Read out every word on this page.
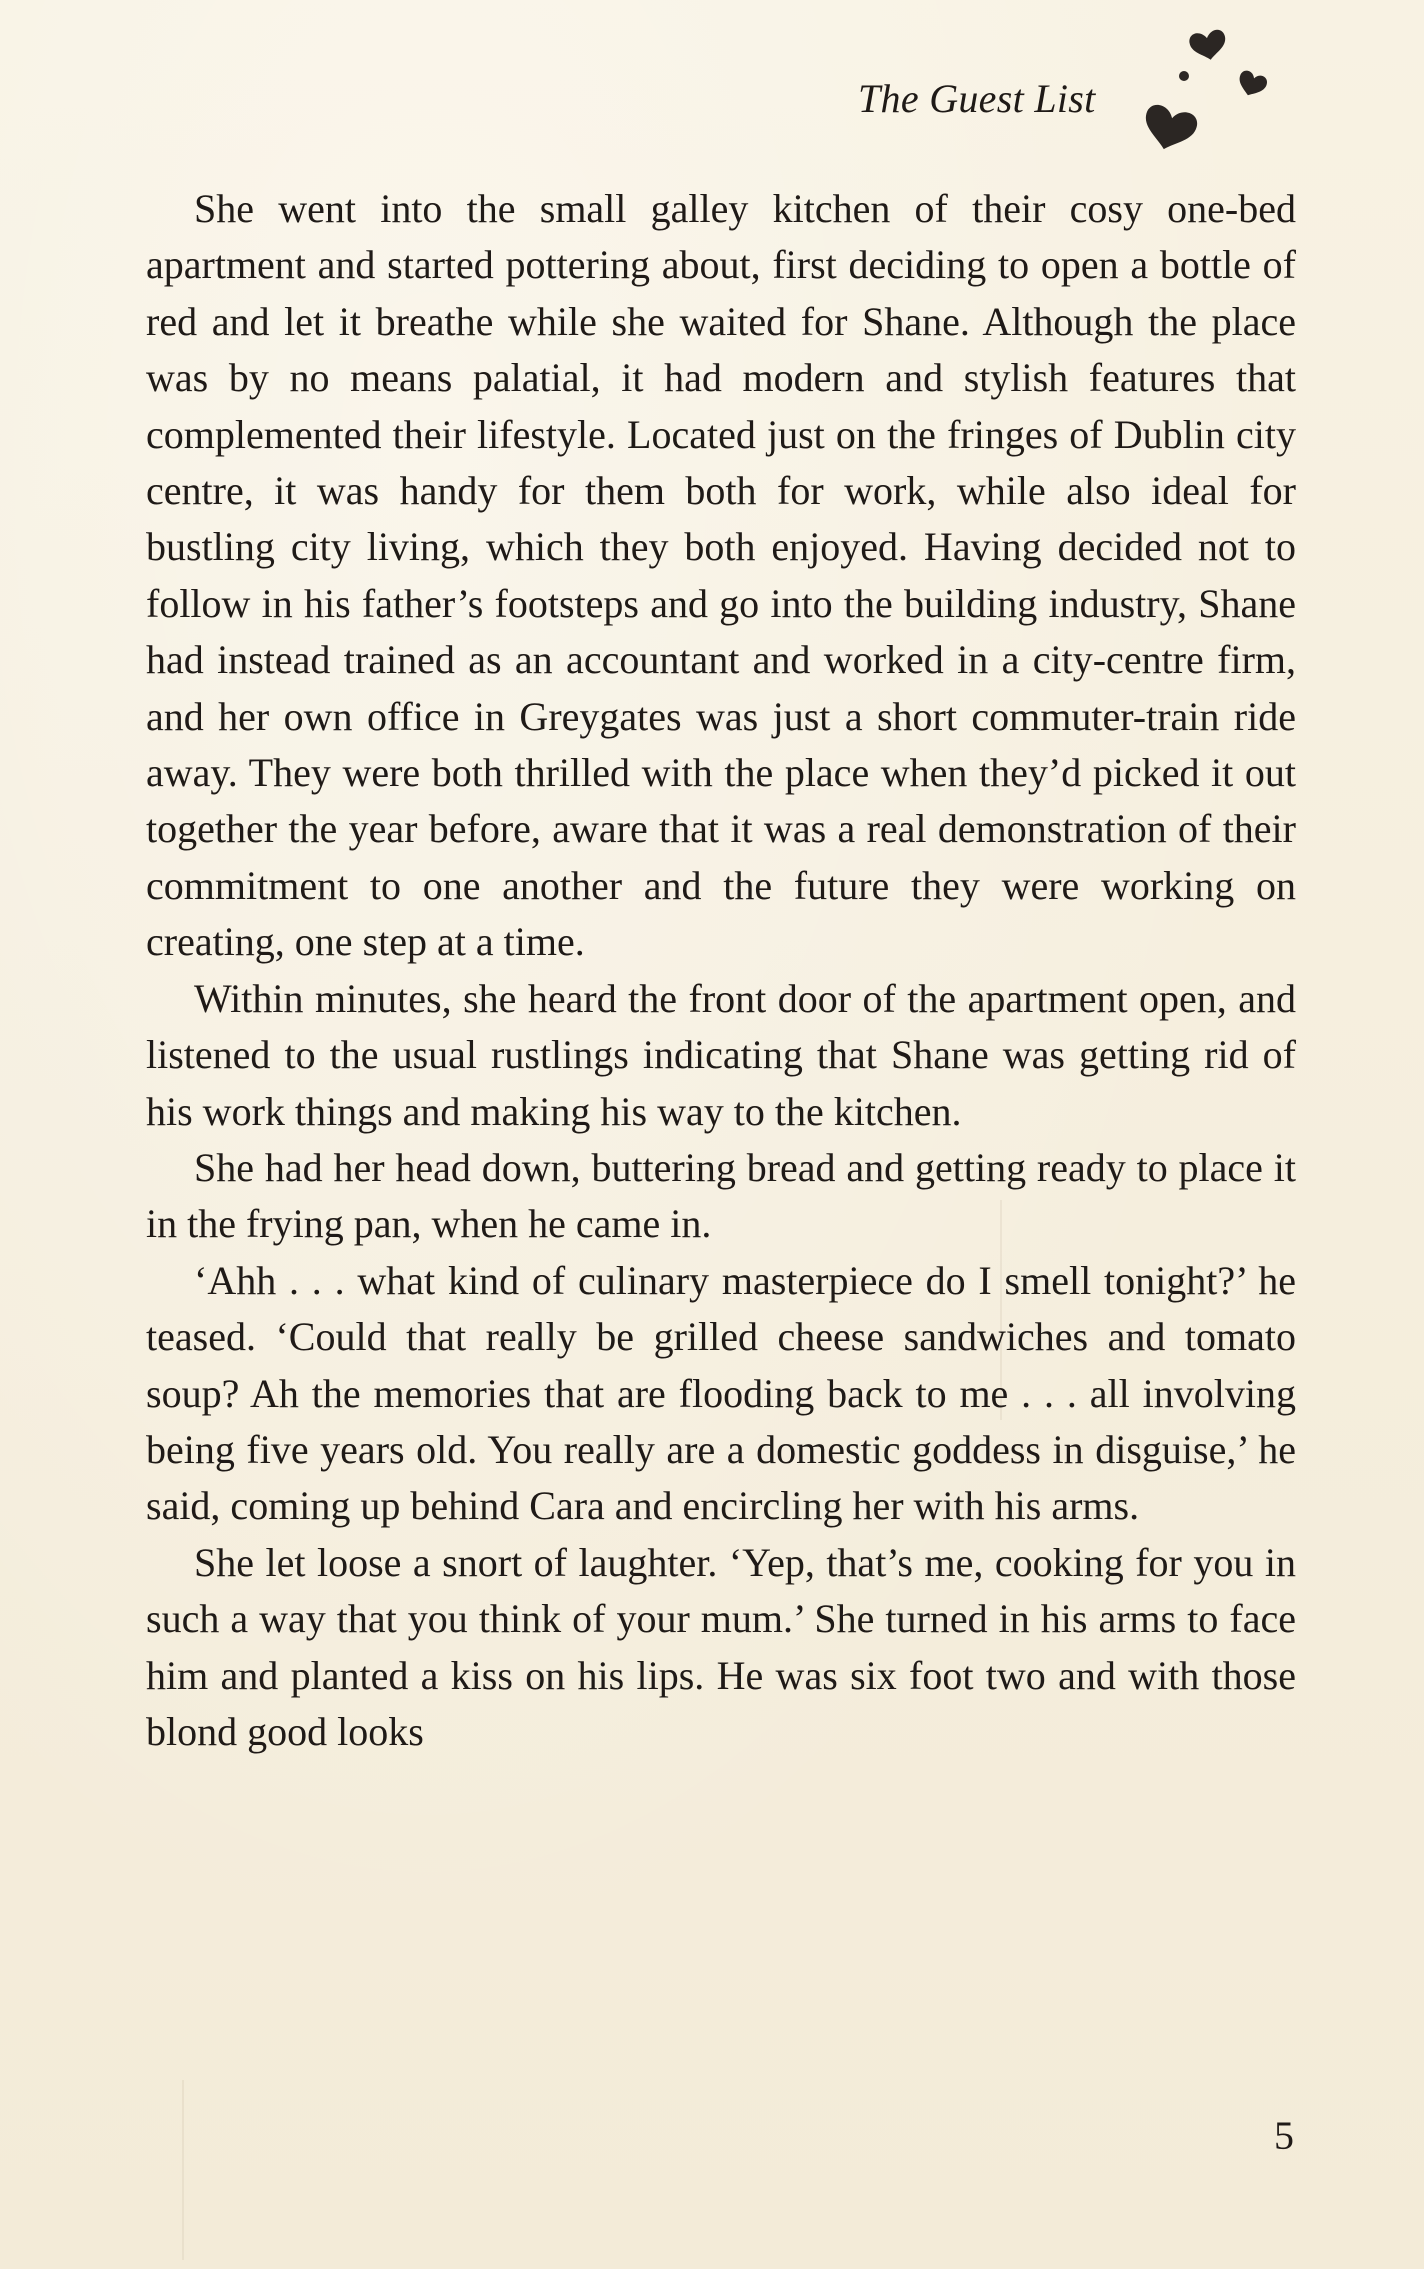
The Guest List

She went into the small galley kitchen of their cosy one-bed apartment and started pottering about, first deciding to open a bottle of red and let it breathe while she waited for Shane. Although the place was by no means palatial, it had modern and stylish features that complemented their lifestyle. Located just on the fringes of Dublin city centre, it was handy for them both for work, while also ideal for bustling city living, which they both enjoyed. Having decided not to follow in his father’s footsteps and go into the building industry, Shane had instead trained as an accountant and worked in a city-centre firm, and her own office in Greygates was just a short commuter-train ride away. They were both thrilled with the place when they’d picked it out together the year before, aware that it was a real demonstration of their commitment to one another and the future they were working on creating, one step at a time.

Within minutes, she heard the front door of the apartment open, and listened to the usual rustlings indicating that Shane was getting rid of his work things and making his way to the kitchen.

She had her head down, buttering bread and getting ready to place it in the frying pan, when he came in.

‘Ahh . . . what kind of culinary masterpiece do I smell tonight?’ he teased. ‘Could that really be grilled cheese sandwiches and tomato soup? Ah the memories that are flooding back to me . . . all involving being five years old. You really are a domestic goddess in disguise,’ he said, coming up behind Cara and encircling her with his arms.

She let loose a snort of laughter. ‘Yep, that’s me, cooking for you in such a way that you think of your mum.’ She turned in his arms to face him and planted a kiss on his lips. He was six foot two and with those blond good looks

5
